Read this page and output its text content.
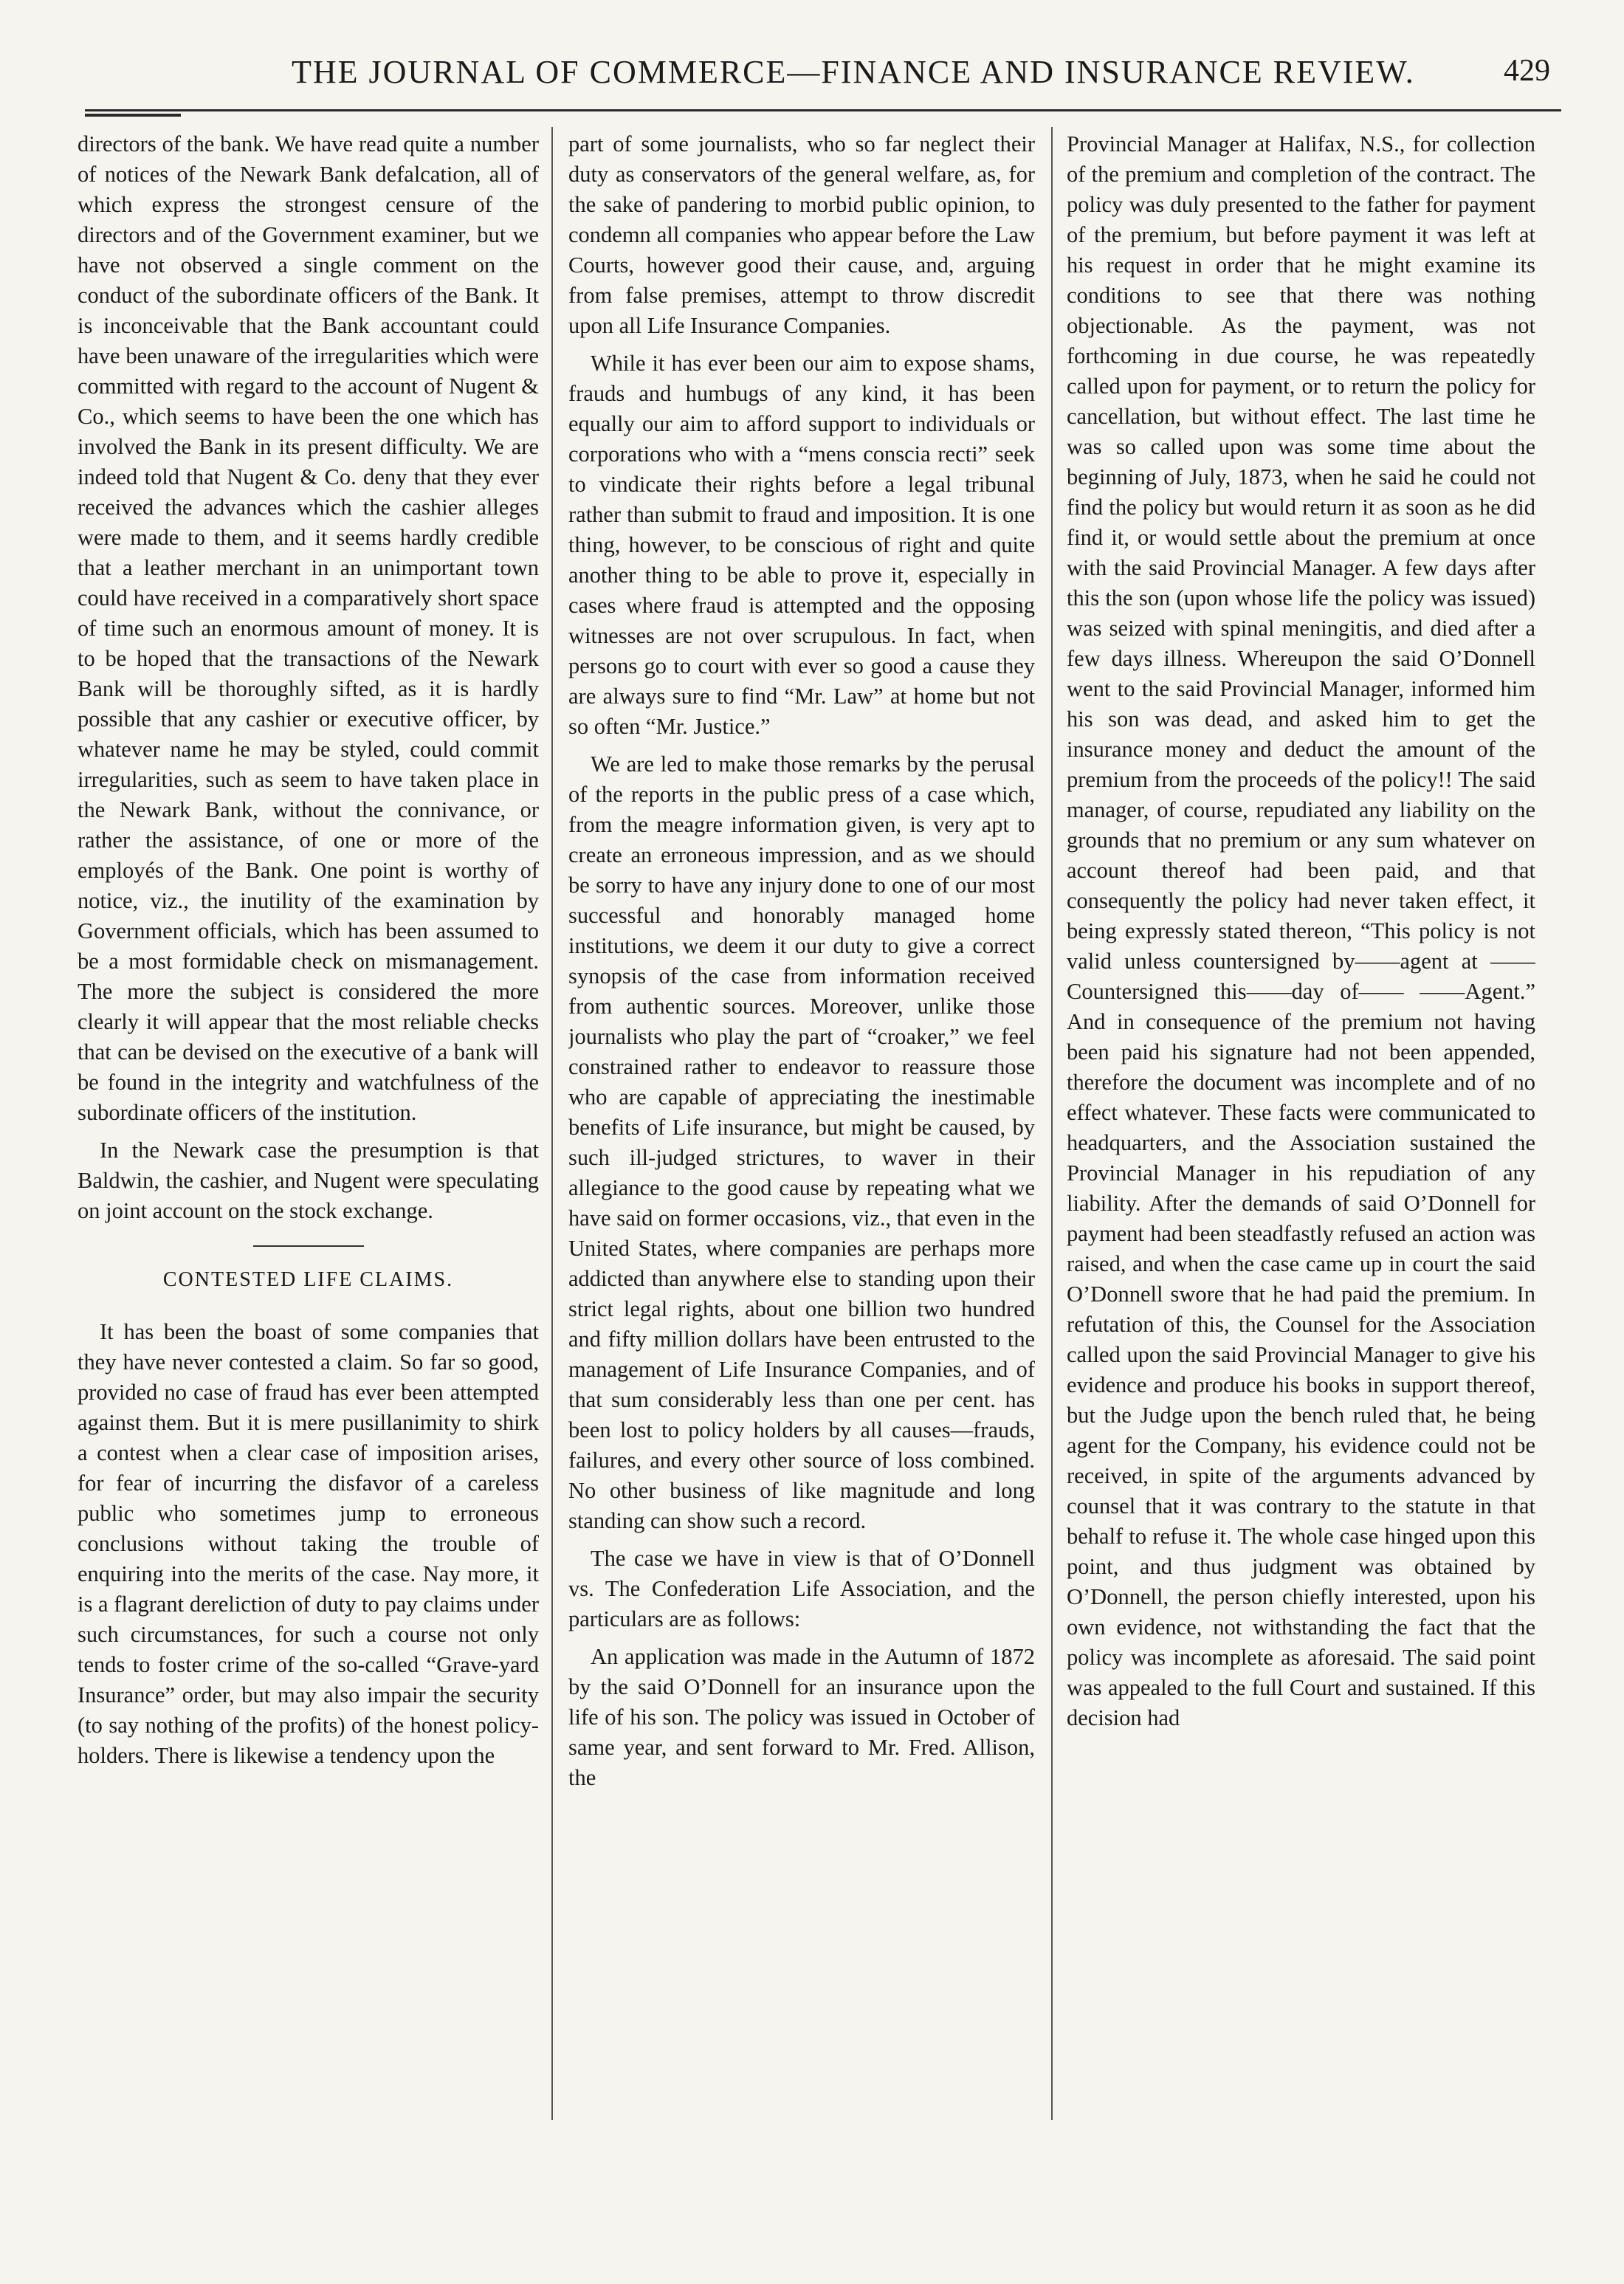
THE JOURNAL OF COMMERCE—FINANCE AND INSURANCE REVIEW.	429

directors of the bank. We have read quite a number of notices of the Newark Bank defalcation, all of which express the strongest censure of the directors and of the Government examiner, but we have not observed a single comment on the conduct of the subordinate officers of the Bank. It is inconceivable that the Bank accountant could have been unaware of the irregularities which were committed with regard to the account of Nugent & Co., which seems to have been the one which has involved the Bank in its present difficulty. We are indeed told that Nugent & Co. deny that they ever received the advances which the cashier alleges were made to them, and it seems hardly credible that a leather merchant in an unimportant town could have received in a comparatively short space of time such an enormous amount of money. It is to be hoped that the transactions of the Newark Bank will be thoroughly sifted, as it is hardly possible that any cashier or executive officer, by whatever name he may be styled, could commit irregularities, such as seem to have taken place in the Newark Bank, without the connivance, or rather the assistance, of one or more of the employés of the Bank. One point is worthy of notice, viz., the inutility of the examination by Government officials, which has been assumed to be a most formidable check on mismanagement. The more the subject is considered the more clearly it will appear that the most reliable checks that can be devised on the executive of a bank will be found in the integrity and watchfulness of the subordinate officers of the institution.

In the Newark case the presumption is that Baldwin, the cashier, and Nugent were speculating on joint account on the stock exchange.

CONTESTED LIFE CLAIMS.

It has been the boast of some companies that they have never contested a claim. So far so good, provided no case of fraud has ever been attempted against them. But it is mere pusillanimity to shirk a contest when a clear case of imposition arises, for fear of incurring the disfavor of a careless public who sometimes jump to erroneous conclusions without taking the trouble of enquiring into the merits of the case. Nay more, it is a flagrant dereliction of duty to pay claims under such circumstances, for such a course not only tends to foster crime of the so-called “Grave-yard Insurance” order, but may also impair the security (to say nothing of the profits) of the honest policy-holders. There is likewise a tendency upon the

part of some journalists, who so far neglect their duty as conservators of the general welfare, as, for the sake of pandering to morbid public opinion, to condemn all companies who appear before the Law Courts, however good their cause, and, arguing from false premises, attempt to throw discredit upon all Life Insurance Companies.

While it has ever been our aim to expose shams, frauds and humbugs of any kind, it has been equally our aim to afford support to individuals or corporations who with a “mens conscia recti” seek to vindicate their rights before a legal tribunal rather than submit to fraud and imposition. It is one thing, however, to be conscious of right and quite another thing to be able to prove it, especially in cases where fraud is attempted and the opposing witnesses are not over scrupulous. In fact, when persons go to court with ever so good a cause they are always sure to find “Mr. Law” at home but not so often “Mr. Justice.”

We are led to make those remarks by the perusal of the reports in the public press of a case which, from the meagre information given, is very apt to create an erroneous impression, and as we should be sorry to have any injury done to one of our most successful and honorably managed home institutions, we deem it our duty to give a correct synopsis of the case from information received from authentic sources. Moreover, unlike those journalists who play the part of “croaker,” we feel constrained rather to endeavor to reassure those who are capable of appreciating the inestimable benefits of Life insurance, but might be caused, by such ill-judged strictures, to waver in their allegiance to the good cause by repeating what we have said on former occasions, viz., that even in the United States, where companies are perhaps more addicted than anywhere else to standing upon their strict legal rights, about one billion two hundred and fifty million dollars have been entrusted to the management of Life Insurance Companies, and of that sum considerably less than one per cent. has been lost to policy holders by all causes—frauds, failures, and every other source of loss combined. No other business of like magnitude and long standing can show such a record.

The case we have in view is that of O’Donnell vs. The Confederation Life Association, and the particulars are as follows:

An application was made in the Autumn of 1872 by the said O’Donnell for an insurance upon the life of his son. The policy was issued in October of same year, and sent forward to Mr. Fred. Allison, the

Provincial Manager at Halifax, N.S., for collection of the premium and completion of the contract. The policy was duly presented to the father for payment of the premium, but before payment it was left at his request in order that he might examine its conditions to see that there was nothing objectionable. As the payment, was not forthcoming in due course, he was repeatedly called upon for payment, or to return the policy for cancellation, but without effect. The last time he was so called upon was some time about the beginning of July, 1873, when he said he could not find the policy but would return it as soon as he did find it, or would settle about the premium at once with the said Provincial Manager. A few days after this the son (upon whose life the policy was issued) was seized with spinal meningitis, and died after a few days illness. Whereupon the said O’Donnell went to the said Provincial Manager, informed him his son was dead, and asked him to get the insurance money and deduct the amount of the premium from the proceeds of the policy!! The said manager, of course, repudiated any liability on the grounds that no premium or any sum whatever on account thereof had been paid, and that consequently the policy had never taken effect, it being expressly stated thereon, “This policy is not valid unless countersigned by——agent at ——Countersigned this——day of—— ——Agent.” And in consequence of the premium not having been paid his signature had not been appended, therefore the document was incomplete and of no effect whatever. These facts were communicated to headquarters, and the Association sustained the Provincial Manager in his repudiation of any liability. After the demands of said O’Donnell for payment had been steadfastly refused an action was raised, and when the case came up in court the said O’Donnell swore that he had paid the premium. In refutation of this, the Counsel for the Association called upon the said Provincial Manager to give his evidence and produce his books in support thereof, but the Judge upon the bench ruled that, he being agent for the Company, his evidence could not be received, in spite of the arguments advanced by counsel that it was contrary to the statute in that behalf to refuse it. The whole case hinged upon this point, and thus judgment was obtained by O’Donnell, the person chiefly interested, upon his own evidence, not withstanding the fact that the policy was incomplete as aforesaid. The said point was appealed to the full Court and sustained. If this decision had
